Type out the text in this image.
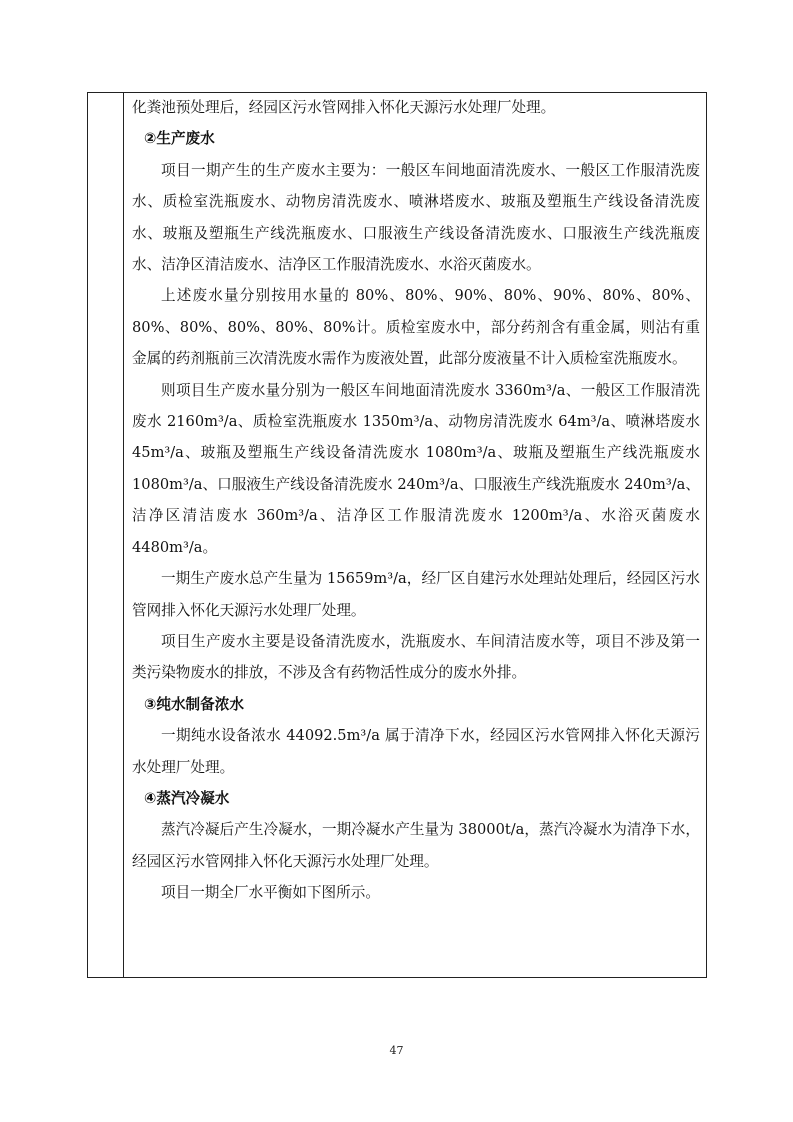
化粪池预处理后，经园区污水管网排入怀化天源污水处理厂处理。

②生产废水

项目一期产生的生产废水主要为：一般区车间地面清洗废水、一般区工作服清洗废水、质检室洗瓶废水、动物房清洗废水、喷淋塔废水、玻瓶及塑瓶生产线设备清洗废水、玻瓶及塑瓶生产线洗瓶废水、口服液生产线设备清洗废水、口服液生产线洗瓶废水、洁净区清洁废水、洁净区工作服清洗废水、水浴灭菌废水。

上述废水量分别按用水量的 80%、80%、90%、80%、90%、80%、80%、80%、80%、80%、80%、80%计。质检室废水中，部分药剂含有重金属，则沾有重金属的药剂瓶前三次清洗废水需作为废液处置，此部分废液量不计入质检室洗瓶废水。

则项目生产废水量分别为一般区车间地面清洗废水 3360m³/a、一般区工作服清洗废水 2160m³/a、质检室洗瓶废水 1350m³/a、动物房清洗废水 64m³/a、喷淋塔废水 45m³/a、玻瓶及塑瓶生产线设备清洗废水 1080m³/a、玻瓶及塑瓶生产线洗瓶废水 1080m³/a、口服液生产线设备清洗废水 240m³/a、口服液生产线洗瓶废水 240m³/a、洁净区清洁废水 360m³/a、洁净区工作服清洗废水 1200m³/a、水浴灭菌废水 4480m³/a。

一期生产废水总产生量为 15659m³/a，经厂区自建污水处理站处理后，经园区污水管网排入怀化天源污水处理厂处理。

项目生产废水主要是设备清洗废水，洗瓶废水、车间清洁废水等，项目不涉及第一类污染物废水的排放，不涉及含有药物活性成分的废水外排。

③纯水制备浓水

一期纯水设备浓水 44092.5m³/a 属于清净下水，经园区污水管网排入怀化天源污水处理厂处理。

④蒸汽冷凝水

蒸汽冷凝后产生冷凝水，一期冷凝水产生量为 38000t/a，蒸汽冷凝水为清净下水，经园区污水管网排入怀化天源污水处理厂处理。

项目一期全厂水平衡如下图所示。

47
